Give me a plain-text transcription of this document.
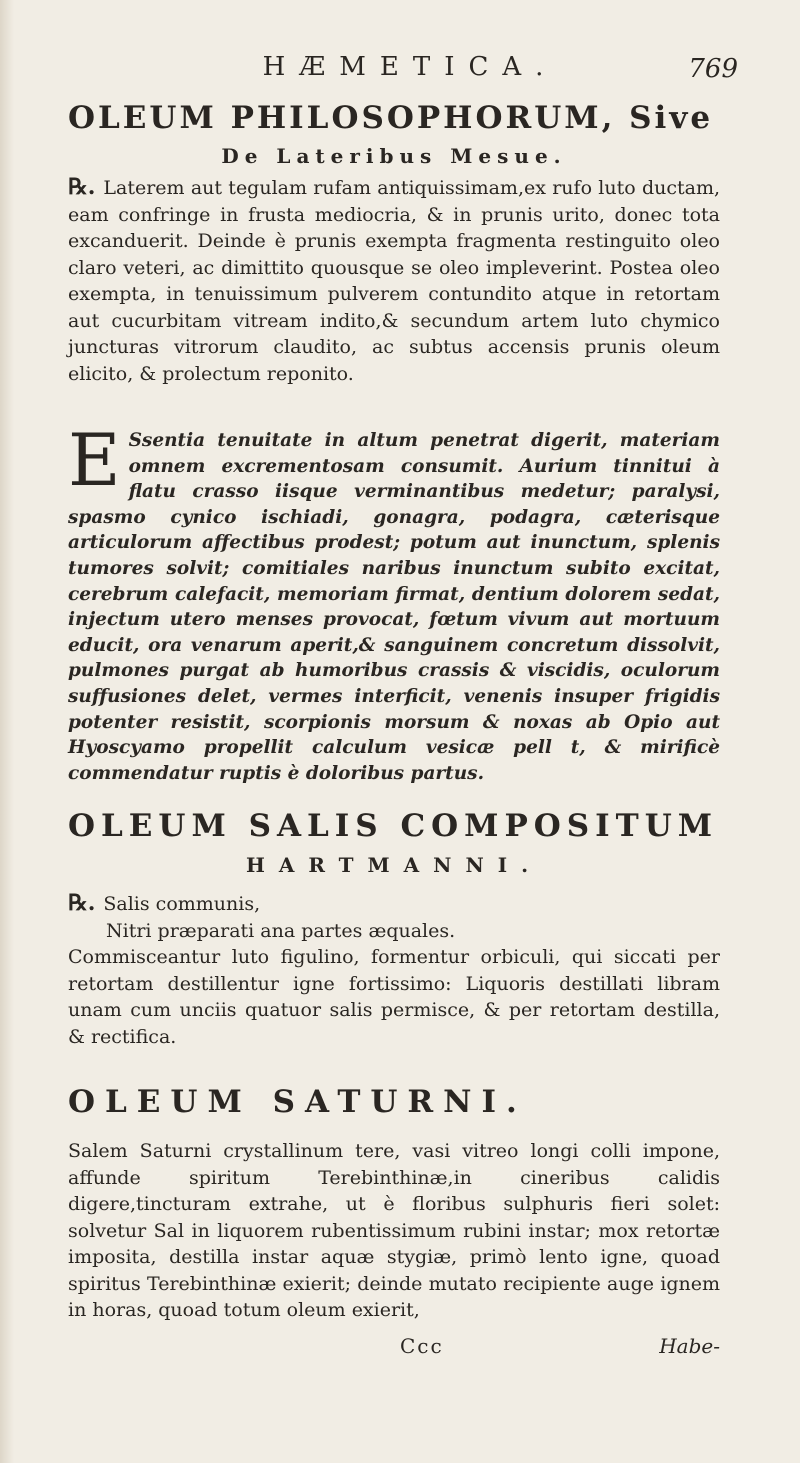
HÆMETICA.	769
OLEUM PHILOSOPHORUM, Sive
De Lateribus Mesue.

℞. Laterem aut tegulam rufam antiquissimam,ex rufo luto ductam, eam confringe in frusta mediocria, & in prunis urito, donec tota excanduerit. Deinde è prunis exempta fragmenta restinguito oleo claro veteri, ac dimittito quousque se oleo impleverint. Postea oleo exempta, in tenuissimum pulverem contundito atque in retortam aut cucurbitam vitream indito,& secundum artem luto chymico juncturas vitrorum claudito, ac subtus accensis prunis oleum elicito, & prolectum reponito.

E Ssentia tenuitate in altum penetrat digerit, materiam omnem excrementosam consumit. Aurium tinnitui à flatu crasso iisque verminantibus medetur; paralysi, spasmo cynico ischiadi, gonagra, podagra, cæterisque articulorum affectibus prodest; potum aut inunctum, splenis tumores solvit; comitiales naribus inunctum subito excitat, cerebrum calefacit, memoriam firmat, dentium dolorem sedat, injectum utero menses provocat, fœtum vivum aut mortuum educit, ora venarum aperit,& sanguinem concretum dissolvit, pulmones purgat ab humoribus crassis & viscidis, oculorum suffusiones delet, vermes interficit, venenis insuper frigidis potenter resistit, scorpionis morsum & noxas ab Opio aut Hyoscyamo propellit calculum vesicæ pell t, & mirificè commendatur ruptis è doloribus partus.

OLEUM SALIS COMPOSITUM
HARTMANNI.

℞. Salis communis,

Nitri præparati ana partes æquales.

Commisceantur luto figulino, formentur orbiculi, qui siccati per retortam destillentur igne fortissimo: Liquoris destillati libram unam cum unciis quatuor salis permisce, & per retortam destilla, & rectifica.

OLEUM SATURNI.

Salem Saturni crystallinum tere, vasi vitreo longi colli impone, affunde spiritum Terebinthinæ,in cineribus calidis digere,tincturam extrahe, ut è floribus sulphuris fieri solet: solvetur Sal in liquorem rubentissimum rubini instar; mox retortæ imposita, destilla instar aquæ stygiæ, primò lento igne, quoad spiritus Terebinthinæ exierit; deinde mutato recipiente auge ignem in horas, quoad totum oleum exierit,

Ccc	Habe-
